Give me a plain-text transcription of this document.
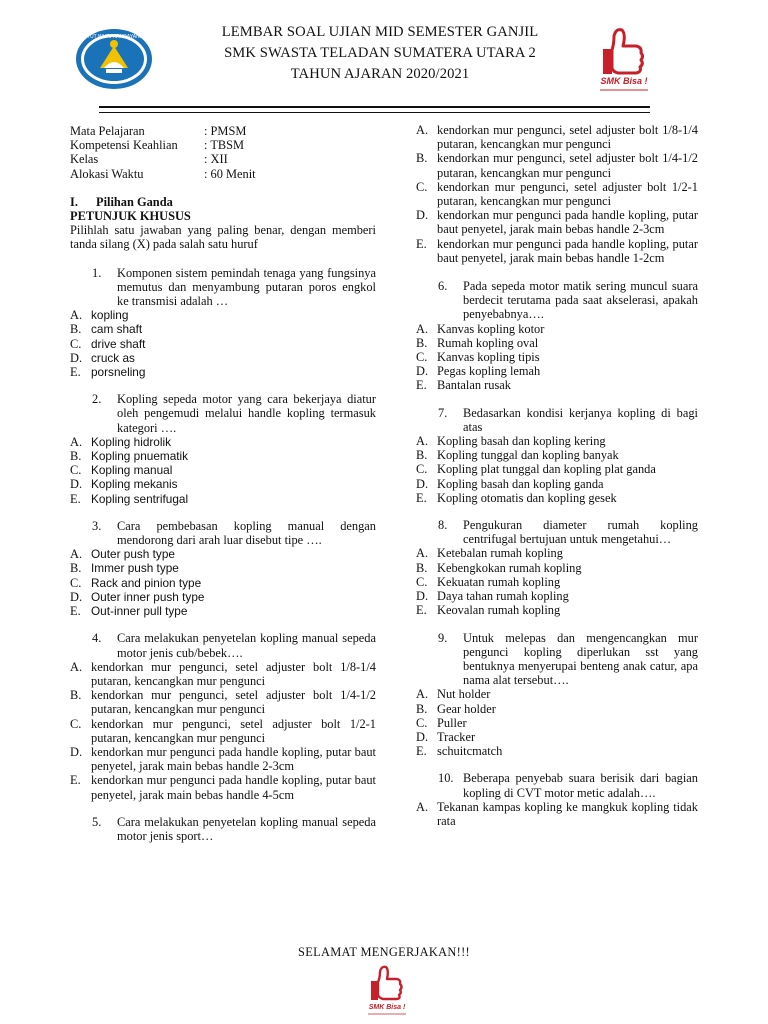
TUT WURI HANDAYANI	LEMBAR SOAL UJIAN MID SEMESTER GANJIL
SMK SWASTA TELADAN SUMATERA UTARA 2
TAHUN AJARAN 2020/2021	SMK Bisa !
Mata Pelajaran	: PMSM
Kompetensi Keahlian	: TBSM
Kelas	: XII
Alokasi Waktu	: 60 Menit
I.	Pilihan Ganda
PETUNJUK KHUSUS
Pilihlah satu jawaban yang paling benar, dengan memberi tanda silang (X) pada salah satu huruf
1.	Komponen sistem pemindah tenaga yang fungsinya memutus dan menyambung putaran poros engkol ke transmisi adalah …
A. kopling
B. cam shaft
C. drive shaft
D. cruck as
E. porsneling
2.	Kopling sepeda motor yang cara bekerjaya diatur oleh pengemudi melalui handle kopling termasuk kategori ….
A. Kopling hidrolik
B. Kopling pnuematik
C. Kopling manual
D. Kopling mekanis
E. Kopling sentrifugal
3.	Cara pembebasan kopling manual dengan mendorong dari arah luar disebut tipe ….
A. Outer push type
B. Immer push type
C. Rack and pinion type
D. Outer inner push type
E. Out-inner pull type
4.	Cara melakukan penyetelan kopling manual sepeda motor jenis cub/bebek….
A. kendorkan mur pengunci, setel adjuster bolt 1/8-1/4 putaran, kencangkan mur pengunci
B. kendorkan mur pengunci, setel adjuster bolt 1/4-1/2 putaran, kencangkan mur pengunci
C. kendorkan mur pengunci, setel adjuster bolt 1/2-1 putaran, kencangkan mur pengunci
D. kendorkan mur pengunci pada handle kopling, putar baut penyetel, jarak main bebas handle 2-3cm
E. kendorkan mur pengunci pada handle kopling, putar baut penyetel, jarak main bebas handle 4-5cm
5.	Cara melakukan penyetelan kopling manual sepeda motor jenis sport…
A. kendorkan mur pengunci, setel adjuster bolt 1/8-1/4 putaran, kencangkan mur pengunci
B. kendorkan mur pengunci, setel adjuster bolt 1/4-1/2 putaran, kencangkan mur pengunci
C. kendorkan mur pengunci, setel adjuster bolt 1/2-1 putaran, kencangkan mur pengunci
D. kendorkan mur pengunci pada handle kopling, putar baut penyetel, jarak main bebas handle 2-3cm
E. kendorkan mur pengunci pada handle kopling, putar baut penyetel, jarak main bebas handle 1-2cm
6.	Pada sepeda motor matik sering muncul suara berdecit terutama pada saat akselerasi, apakah penyebabnya….
A. Kanvas kopling kotor
B. Rumah kopling oval
C. Kanvas kopling tipis
D. Pegas kopling lemah
E. Bantalan rusak
7.	Bedasarkan kondisi kerjanya kopling di bagi atas
A. Kopling basah dan kopling kering
B. Kopling tunggal dan kopling banyak
C. Kopling plat tunggal dan kopling plat ganda
D. Kopling basah dan kopling ganda
E. Kopling otomatis dan kopling gesek
8.	Pengukuran diameter rumah kopling centrifugal bertujuan untuk mengetahui…
A. Ketebalan rumah kopling
B. Kebengkokan rumah kopling
C. Kekuatan rumah kopling
D. Daya tahan rumah kopling
E. Keovalan rumah kopling
9.	Untuk melepas dan mengencangkan mur pengunci kopling diperlukan sst yang bentuknya menyerupai benteng anak catur, apa nama alat tersebut….
A. Nut holder
B. Gear holder
C. Puller
D. Tracker
E. schuitcmatch
10. Beberapa penyebab suara berisik dari bagian kopling di CVT motor metic adalah….
A. Tekanan kampas kopling ke mangkuk kopling tidak rata
SELAMAT MENGERJAKAN!!!
SMK Bisa !
